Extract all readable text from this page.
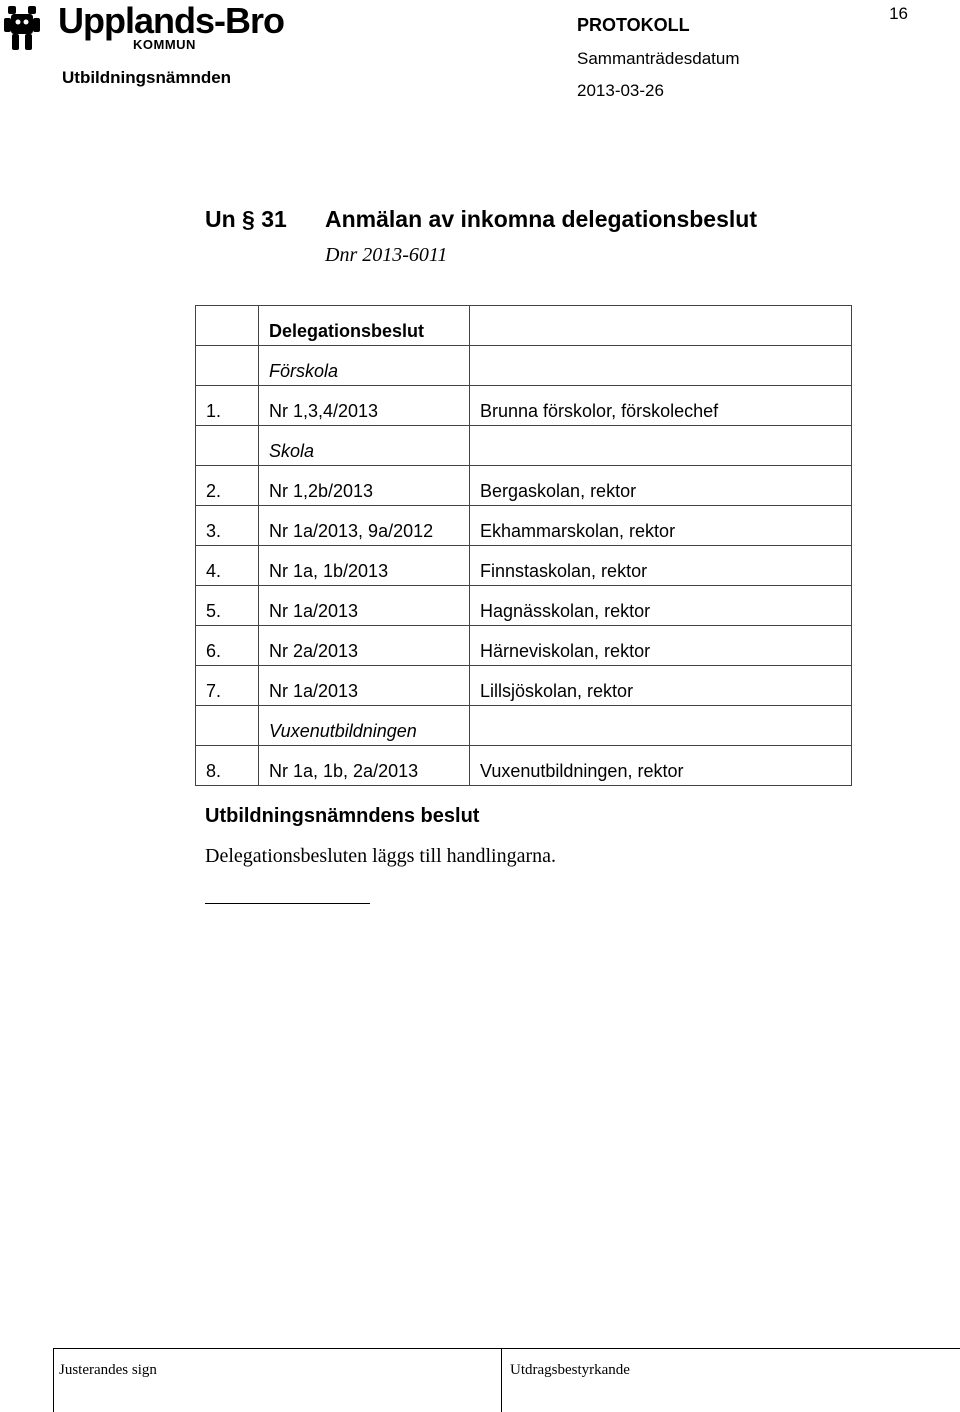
Upplands-Bro
KOMMUN
16
Utbildningsnämnden
PROTOKOLL
Sammanträdesdatum
2013-03-26
Un § 31 Anmälan av inkomna delegationsbeslut
Dnr 2013-6011
	Delegationsbeslut	
	Förskola	
1.	Nr 1,3,4/2013	Brunna förskolor, förskolechef
	Skola	
2.	Nr 1,2b/2013	Bergaskolan, rektor
3.	Nr 1a/2013, 9a/2012	Ekhammarskolan, rektor
4.	Nr 1a, 1b/2013	Finnstaskolan, rektor
5.	Nr 1a/2013	Hagnässkolan, rektor
6.	Nr 2a/2013	Härneviskolan, rektor
7.	Nr 1a/2013	Lillsjöskolan, rektor
	Vuxenutbildningen	
8.	Nr 1a, 1b, 2a/2013	Vuxenutbildningen, rektor
Utbildningsnämndens beslut
Delegationsbesluten läggs till handlingarna.
Justerandes sign	Utdragsbestyrkande
